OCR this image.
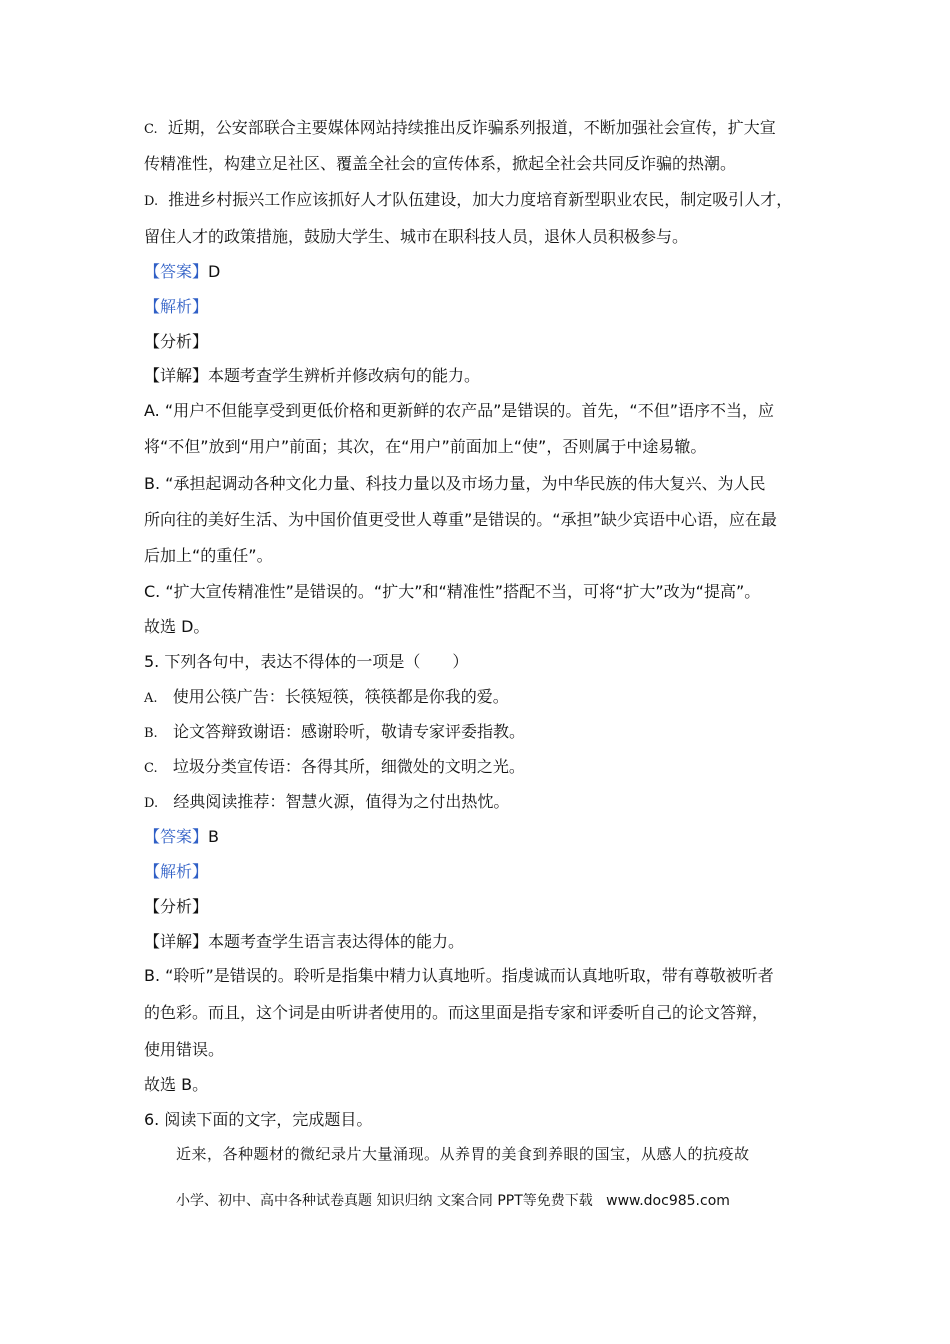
C. 近期，公安部联合主要媒体网站持续推出反诈骗系列报道，不断加强社会宣传，扩大宣
传精准性，构建立足社区、覆盖全社会的宣传体系，掀起全社会共同反诈骗的热潮。
D. 推进乡村振兴工作应该抓好人才队伍建设，加大力度培育新型职业农民，制定吸引人才，
留住人才的政策措施，鼓励大学生、城市在职科技人员，退休人员积极参与。
【答案】D
【解析】
【分析】
【详解】本题考查学生辨析并修改病句的能力。
A. “用户不但能享受到更低价格和更新鲜的农产品”是错误的。首先，“不但”语序不当，应
将“不但”放到“用户”前面；其次，在“用户”前面加上“使”，否则属于中途易辙。
B. “承担起调动各种文化力量、科技力量以及市场力量，为中华民族的伟大复兴、为人民
所向往的美好生活、为中国价值更受世人尊重”是错误的。“承担”缺少宾语中心语，应在最
后加上“的重任”。
C. “扩大宣传精准性”是错误的。“扩大”和“精准性”搭配不当，可将“扩大”改为“提高”。
故选 D。
5. 下列各句中，表达不得体的一项是（　　）
A. 使用公筷广告：长筷短筷，筷筷都是你我的爱。
B. 论文答辩致谢语：感谢聆听，敬请专家评委指教。
C. 垃圾分类宣传语：各得其所，细微处的文明之光。
D. 经典阅读推荐：智慧火源，值得为之付出热忱。
【答案】B
【解析】
【分析】
【详解】本题考查学生语言表达得体的能力。
B. “聆听”是错误的。聆听是指集中精力认真地听。指虔诚而认真地听取，带有尊敬被听者
的色彩。而且，这个词是由听讲者使用的。而这里面是指专家和评委听自己的论文答辩，
使用错误。
故选 B。
6. 阅读下面的文字，完成题目。
近来，各种题材的微纪录片大量涌现。从养胃的美食到养眼的国宝，从感人的抗疫故
小学、初中、高中各种试卷真题 知识归纳 文案合同 PPT等免费下载 www.doc985.com
